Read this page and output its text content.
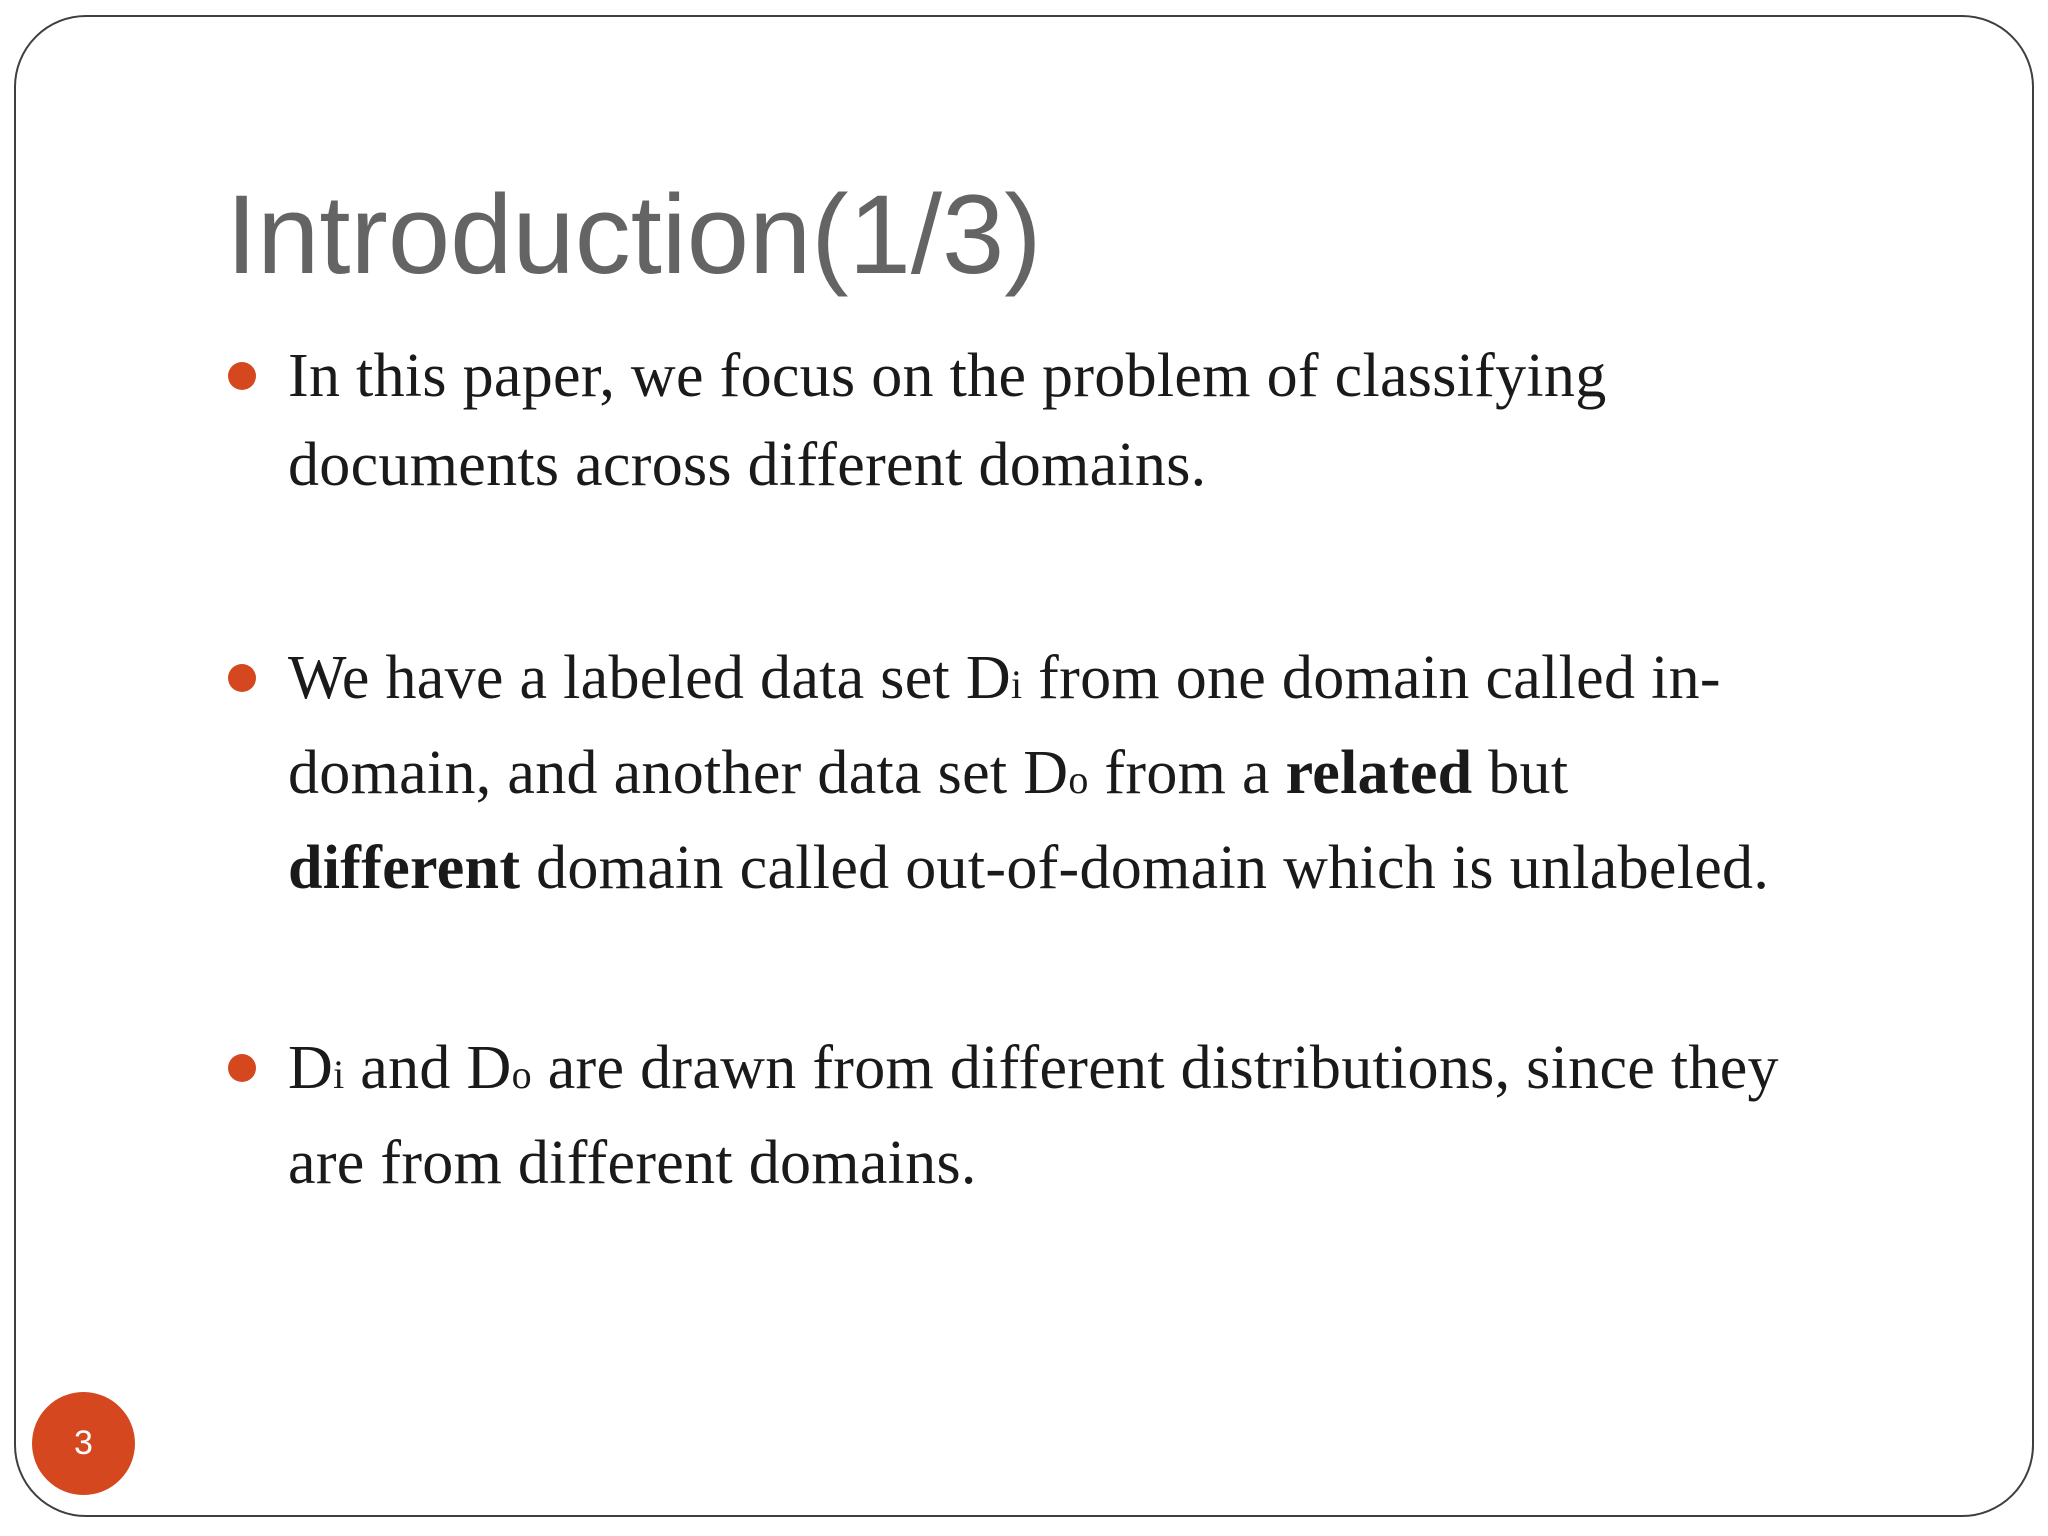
Introduction(1/3)

In this paper, we focus on the problem of classifying
documents across different domains.

We have a labeled data set Di from one domain called in-
domain, and another data set Do from a related but
different domain called out-of-domain which is unlabeled.

Di and Do are drawn from different distributions, since they
are from different domains.

3
